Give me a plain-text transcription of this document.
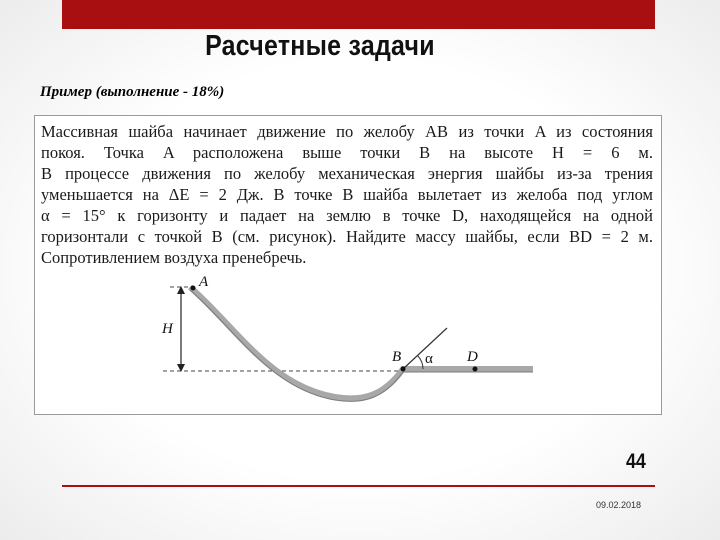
Расчетные задачи
Пример (выполнение - 18%)
Массивная шайба начинает движение по желобу AB из точки A из состояния
покоя. Точка A расположена выше точки B на высоте H = 6 м.
В процессе движения по желобу механическая энергия шайбы из-за трения
уменьшается на ΔE = 2 Дж. В точке B шайба вылетает из желоба под углом
α = 15° к горизонту и падает на землю в точке D, находящейся на одной
горизонтали с точкой B (см. рисунок). Найдите массу шайбы, если BD = 2 м.
Сопротивлением воздуха пренебречь.
A
H
B α D
44
09.02.2018
